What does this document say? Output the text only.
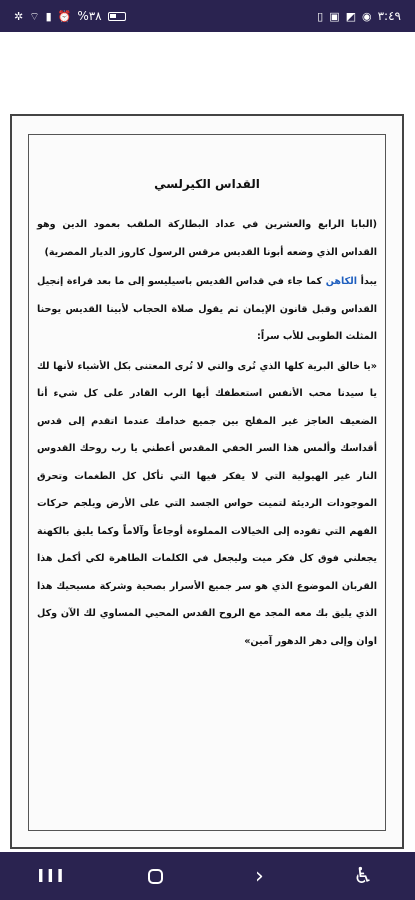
✲ ⌔ ▮ ⏰ %٣٨	▯ ▣ ◩ ◉ ٣:٤٩
القداس الكيرلسي

(البابا الرابع والعشرين في عداد البطاركة الملقب بعمود الدين وهو القداس الذي وضعه أبونا القديس مرقس الرسول كاروز الديار المصرية)

يبدأ الكاهن كما جاء في قداس القديس باسيليسو إلى ما بعد قراءة إنجيل القداس وقبل قانون الإيمان ثم يقول صلاة الحجاب لأبينا القديس يوحنا المثلث الطوبى للأب سراً:

«يا خالق البرية كلها الذي تُرى والتي لا تُرى المعتنى بكل الأشياء لأنها لك يا سيدنا محب الأنفس استعطفك أيها الرب القادر على كل شيء أنا الضعيف العاجز غير المفلح بين جميع خدامك عندما اتقدم إلى قدس أقداسك وألمس هذا السر الخفي المقدس أعطني يا رب روحك القدوس النار غير الهيولية التي لا يفكر فيها التي تأكل كل الطغمات وتحرق الموجودات الرديئة لتميت حواس الجسد التي على الأرض ويلجم حركات الفهم التي تقوده إلى الخيالات المملوءة أوجاعاً وآلاماً وكما يليق بالكهنة يجعلني فوق كل فكر ميت وليجعل في الكلمات الطاهرة لكي أكمل هذا القربان الموضوع الذي هو سر جميع الأسرار بصحية وشركة مسيحيك هذا الذي يليق بك معه المجد مع الروح القدس المحيي المساوي لك الآن وكل اوان وإلى دهر الدهور آمين»

III	›	♿
